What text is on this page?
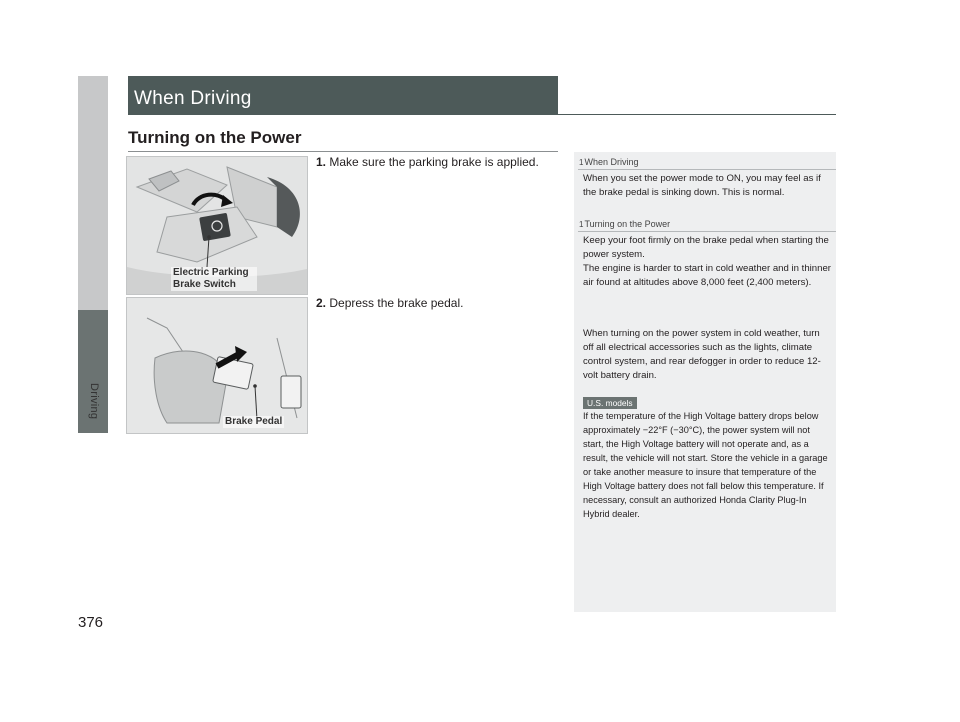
Driving
376
When Driving
Turning on the Power
Electric Parking Brake Switch
Brake Pedal
1. Make sure the parking brake is applied.
2. Depress the brake pedal.
1When Driving
When you set the power mode to ON, you may feel as if the brake pedal is sinking down. This is normal.
1Turning on the Power
Keep your foot firmly on the brake pedal when starting the power system.
The engine is harder to start in cold weather and in thinner air found at altitudes above 8,000 feet (2,400 meters).
When turning on the power system in cold weather, turn off all electrical accessories such as the lights, climate control system, and rear defogger in order to reduce 12-volt battery drain.
U.S. models
If the temperature of the High Voltage battery drops below approximately −22°F (−30°C), the power system will not start, the High Voltage battery will not operate and, as a result, the vehicle will not start. Store the vehicle in a garage or take another measure to insure that temperature of the High Voltage battery does not fall below this temperature. If necessary, consult an authorized Honda Clarity Plug-In Hybrid dealer.
